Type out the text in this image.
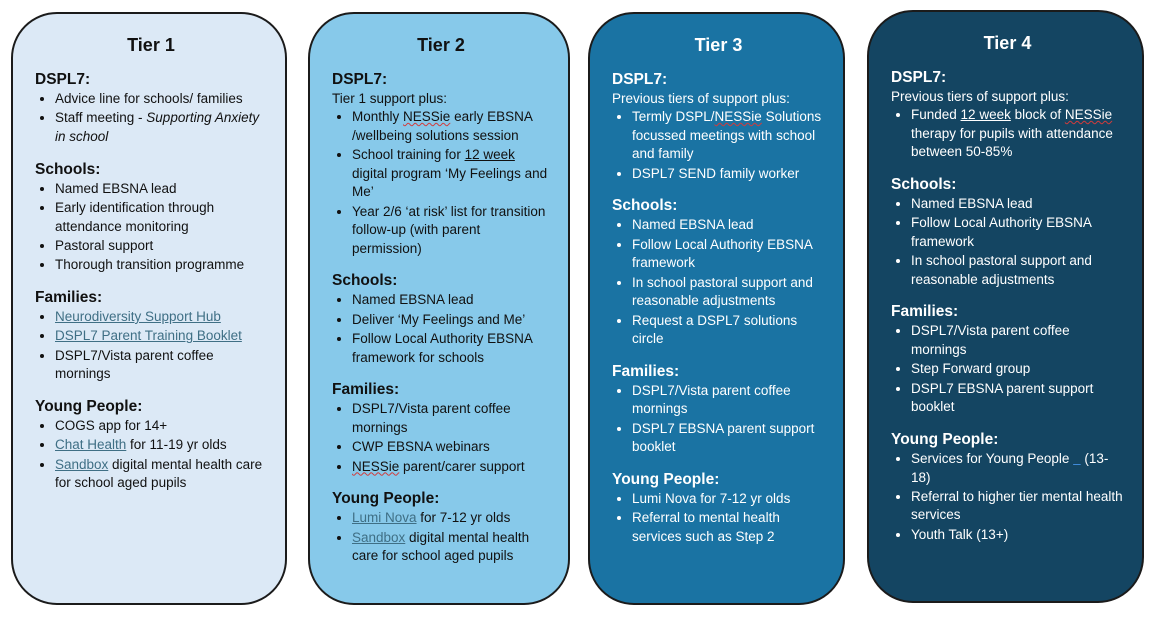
Tier 1
DSPL7:
• Advice line for schools/ families
• Staff meeting - Supporting Anxiety in school
Schools:
• Named EBSNA lead
• Early identification through attendance monitoring
• Pastoral support
• Thorough transition programme
Families:
• Neurodiversity Support Hub
• DSPL7 Parent Training Booklet
• DSPL7/Vista parent coffee mornings
Young People:
• COGS app for 14+
• Chat Health for 11-19 yr olds
• Sandbox digital mental health care for school aged pupils
Tier 2
DSPL7:
Tier 1 support plus:
• Monthly NESSie early EBSNA /wellbeing solutions session
• School training for 12 week digital program ‘My Feelings and Me’
• Year 2/6 ‘at risk’ list for transition follow-up (with parent permission)
Schools:
• Named EBSNA lead
• Deliver ‘My Feelings and Me’
• Follow Local Authority EBSNA framework for schools
Families:
• DSPL7/Vista parent coffee mornings
• CWP EBSNA webinars
• NESSie parent/carer support
Young People:
• Lumi Nova for 7-12 yr olds
• Sandbox digital mental health care for school aged pupils
Tier 3
DSPL7:
Previous tiers of support plus:
• Termly DSPL/NESSie Solutions focussed meetings with school and family
• DSPL7 SEND family worker
Schools:
• Named EBSNA lead
• Follow Local Authority EBSNA framework
• In school pastoral support and reasonable adjustments
• Request a DSPL7 solutions circle
Families:
• DSPL7/Vista parent coffee mornings
• DSPL7 EBSNA parent support booklet
Young People:
• Lumi Nova for 7-12 yr olds
• Referral to mental health services such as Step 2
Tier 4
DSPL7:
Previous tiers of support plus:
• Funded 12 week block of NESSie therapy for pupils with attendance between 50-85%
Schools:
• Named EBSNA lead
• Follow Local Authority EBSNA framework
• In school pastoral support and reasonable adjustments
Families:
• DSPL7/Vista parent coffee mornings
• Step Forward group
• DSPL7 EBSNA parent support booklet
Young People:
• Services for Young People    (13-18)
• Referral to higher tier mental health services
• Youth Talk (13+)
